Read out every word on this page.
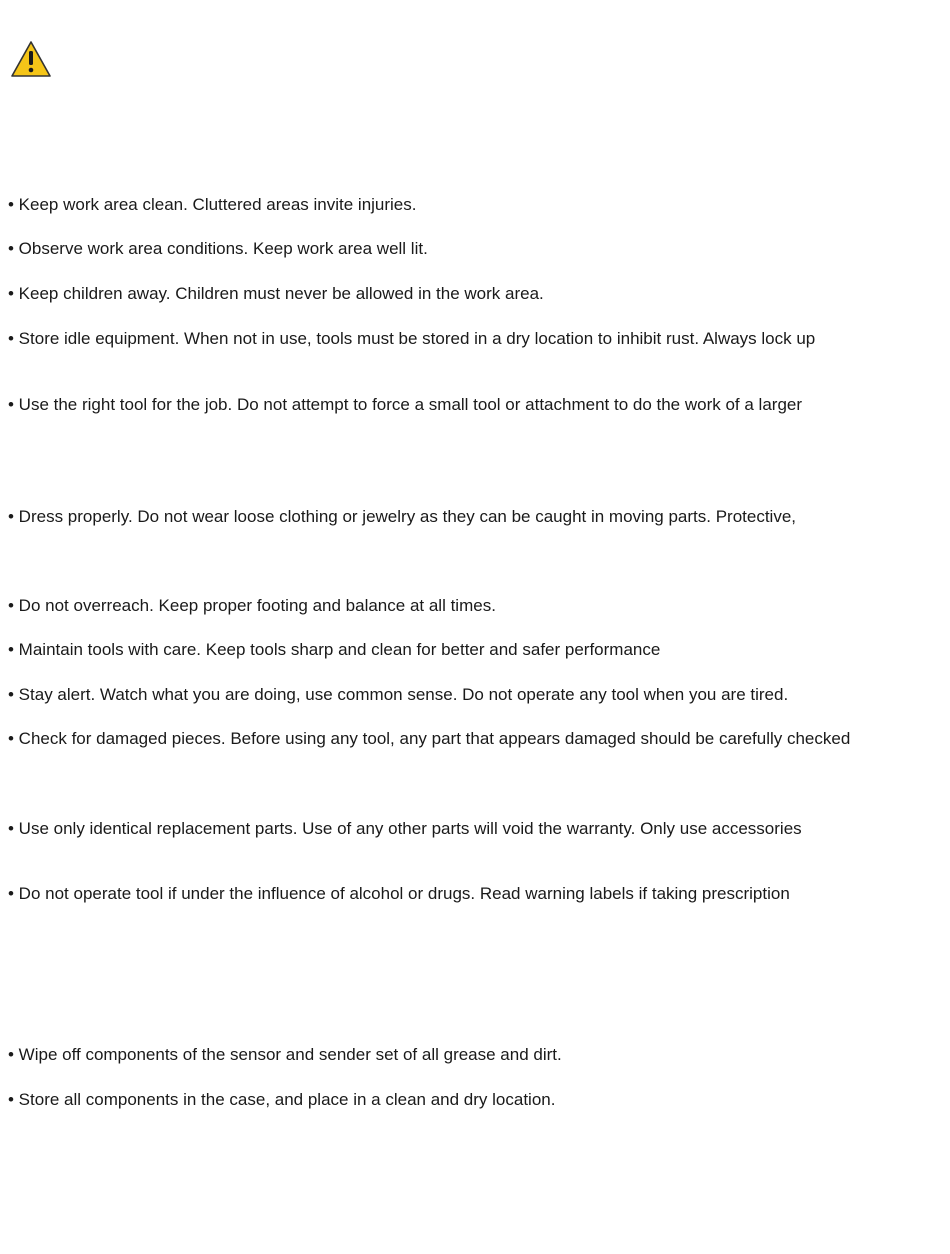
• Keep work area clean. Cluttered areas invite injuries.
• Observe work area conditions. Keep work area well lit.
• Keep children away. Children must never be allowed in the work area.
• Store idle equipment. When not in use, tools must be stored in a dry location to inhibit rust. Always lock up
• Use the right tool for the job. Do not attempt to force a small tool or attachment to do the work of a larger
• Dress properly. Do not wear loose clothing or jewelry as they can be caught in moving parts. Protective,
• Do not overreach. Keep proper footing and balance at all times.
• Maintain tools with care. Keep tools sharp and clean for better and safer performance
• Stay alert. Watch what you are doing, use common sense. Do not operate any tool when you are tired.
• Check for damaged pieces. Before using any tool, any part that appears damaged should be carefully checked
• Use only identical replacement parts. Use of any other parts will void the warranty. Only use accessories
• Do not operate tool if under the influence of alcohol or drugs. Read warning labels if taking prescription
• Wipe off components of the sensor and sender set of all grease and dirt.
• Store all components in the case, and place in a clean and dry location.
